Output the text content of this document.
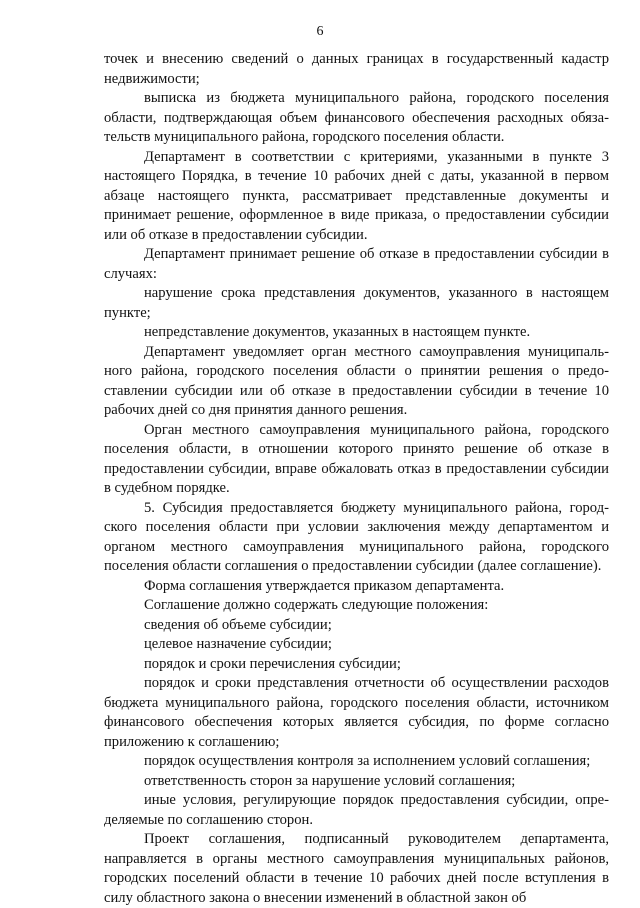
6

точек и внесению сведений о данных границах в государственный кадастр недвижимости;

выписка из бюджета муниципального района, городского поселения области, подтверждающая объем финансового обеспечения расходных обязательств муниципального района, городского поселения области.

Департамент в соответствии с критериями, указанными в пункте 3 настоящего Порядка, в течение 10 рабочих дней с даты, указанной в первом абзаце настоящего пункта, рассматривает представленные документы и принимает решение, оформленное в виде приказа, о предоставлении субсидии или об отказе в предоставлении субсидии.

Департамент принимает решение об отказе в предоставлении субсидии в случаях:

нарушение срока представления документов, указанного в настоящем пункте;

непредставление документов, указанных в настоящем пункте.

Департамент уведомляет орган местного самоуправления муниципального района, городского поселения области о принятии решения о предоставлении субсидии или об отказе в предоставлении субсидии в течение 10 рабочих дней со дня принятия данного решения.

Орган местного самоуправления муниципального района, городского поселения области, в отношении которого принято решение об отказе в предоставлении субсидии, вправе обжаловать отказ в предоставлении субсидии в судебном порядке.

5. Субсидия предоставляется бюджету муниципального района, городского поселения области при условии заключения между департаментом и органом местного самоуправления муниципального района, городского поселения области соглашения о предоставлении субсидии (далее соглашение).

Форма соглашения утверждается приказом департамента.

Соглашение должно содержать следующие положения:

сведения об объеме субсидии;

целевое назначение субсидии;

порядок и сроки перечисления субсидии;

порядок и сроки представления отчетности об осуществлении расходов бюджета муниципального района, городского поселения области, источником финансового обеспечения которых является субсидия, по форме согласно приложению к соглашению;

порядок осуществления контроля за исполнением условий соглашения;

ответственность сторон за нарушение условий соглашения;

иные условия, регулирующие порядок предоставления субсидии, определяемые по соглашению сторон.

Проект соглашения, подписанный руководителем департамента, направляется в органы местного самоуправления муниципальных районов, городских поселений области в течение 10 рабочих дней после вступления в силу областного закона о внесении изменений в областной закон об
